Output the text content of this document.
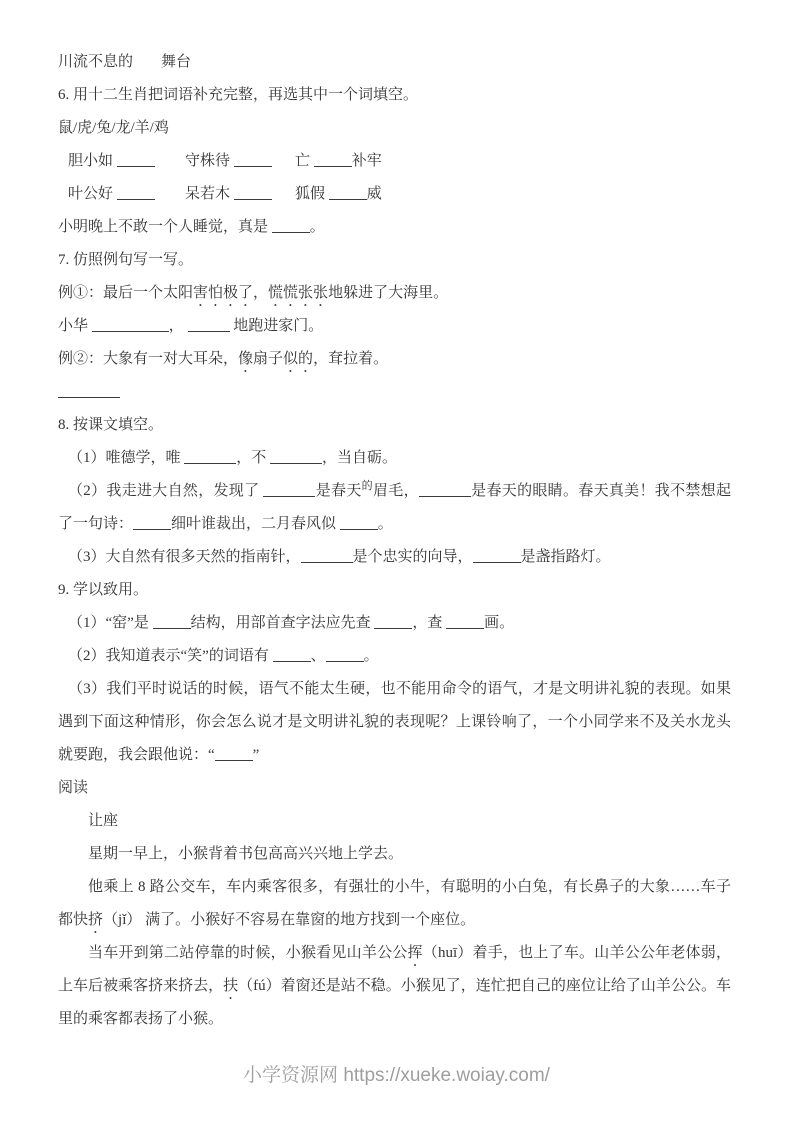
川流不息的 舞台

6. 用十二生肖把词语补充完整，再选其中一个词填空。

鼠/虎/兔/龙/羊/鸡

胆小如	守株待	亡	补牢

叶公好	呆若木	狐假	威

小明晚上不敢一个人睡觉，真是	。

7. 仿照例句写一写。

例①：最后一个太阳害怕极了，慌慌张张地躲进了大海里。

小华	，	地跑进家门。

例②：大象有一对大耳朵，像扇子似的，耷拉着。

8. 按课文填空。

（1）唯德学，唯	，不	，当自砺。

（2）我走进大自然，发现了	是春天$^的$眉毛，	是春天的眼睛。春天真美！我不禁想起了一句诗：	细叶谁裁出，二月春风似	。

（3）大自然有很多天然的指南针，	是个忠实的向导，	是盏指路灯。

9. 学以致用。

（1）“窑”是	结构，用部首查字法应先查	，查	画。

（2）我知道表示“笑”的词语有	、	。

（3）我们平时说话的时候，语气不能太生硬，也不能用命令的语气，才是文明讲礼貌的表现。如果遇到下面这种情形，你会怎么说才是文明讲礼貌的表现呢？上课铃响了，一个小同学来不及关水龙头就要跑，我会跟他说：“	”

阅读

让座

星期一早上，小猴背着书包高高兴兴地上学去。

他乘上 8 路公交车，车内乘客很多，有强壮的小牛，有聪明的小白兔，有长鼻子的大象……车子都快挤（jǐ） 满了。小猴好不容易在靠窗的地方找到一个座位。

当车开到第二站停靠的时候，小猴看见山羊公公挥（huī）着手，也上了车。山羊公公年老体弱，上车后被乘客挤来挤去，扶（fú）着窗还是站不稳。小猴见了，连忙把自己的座位让给了山羊公公。车里的乘客都表扬了小猴。

小学资源网 https://xueke.woiay.com/
